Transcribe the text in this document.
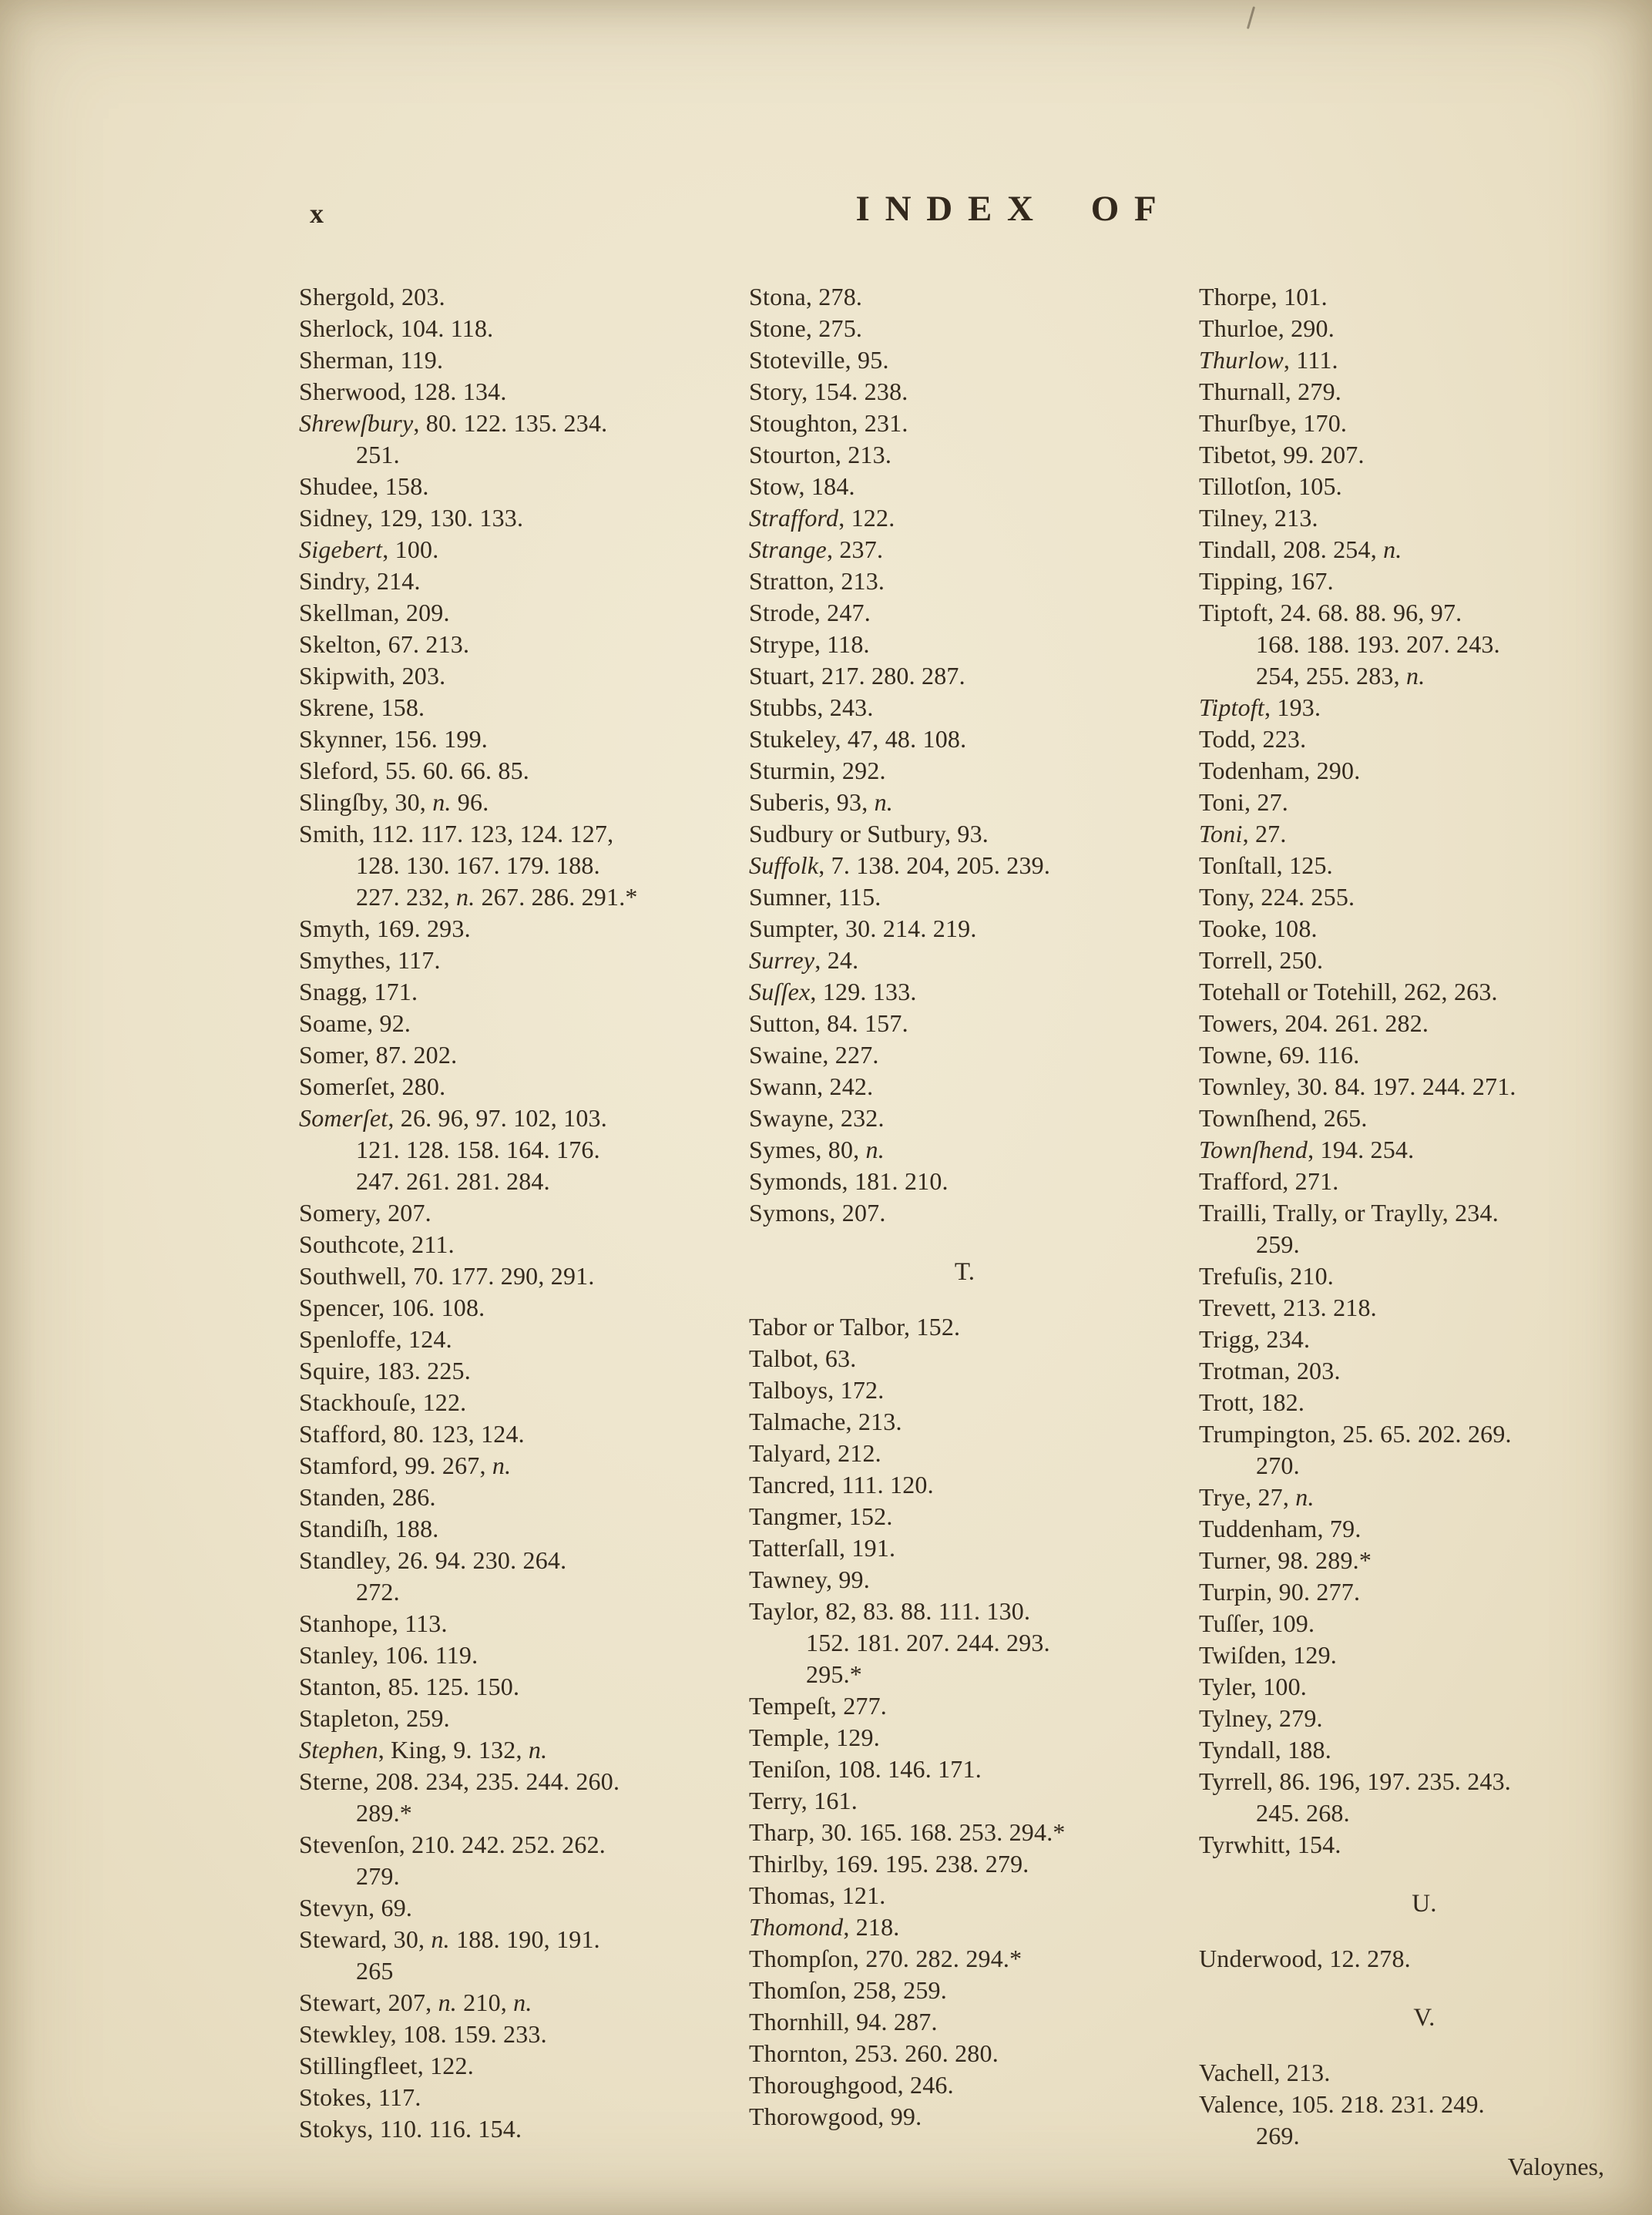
x	INDEX OF
Shergold, 203.
Sherlock, 104. 118.
Sherman, 119.
Sherwood, 128. 134.
Shrewſbury, 80. 122. 135. 234.
251.
Shudee, 158.
Sidney, 129, 130. 133.
Sigebert, 100.
Sindry, 214.
Skellman, 209.
Skelton, 67. 213.
Skipwith, 203.
Skrene, 158.
Skynner, 156. 199.
Sleford, 55. 60. 66. 85.
Slingſby, 30, n. 96.
Smith, 112. 117. 123, 124. 127,
128. 130. 167. 179. 188.
227. 232, n. 267. 286. 291.*
Smyth, 169. 293.
Smythes, 117.
Snagg, 171.
Soame, 92.
Somer, 87. 202.
Somerſet, 280.
Somerſet, 26. 96, 97. 102, 103.
121. 128. 158. 164. 176.
247. 261. 281. 284.
Somery, 207.
Southcote, 211.
Southwell, 70. 177. 290, 291.
Spencer, 106. 108.
Spenloffe, 124.
Squire, 183. 225.
Stackhouſe, 122.
Stafford, 80. 123, 124.
Stamford, 99. 267, n.
Standen, 286.
Standiſh, 188.
Standley, 26. 94. 230. 264.
272.
Stanhope, 113.
Stanley, 106. 119.
Stanton, 85. 125. 150.
Stapleton, 259.
Stephen, King, 9. 132, n.
Sterne, 208. 234, 235. 244. 260.
289.*
Stevenſon, 210. 242. 252. 262.
279.
Stevyn, 69.
Steward, 30, n. 188. 190, 191.
265
Stewart, 207, n. 210, n.
Stewkley, 108. 159. 233.
Stillingfleet, 122.
Stokes, 117.
Stokys, 110. 116. 154.
Stona, 278.
Stone, 275.
Stoteville, 95.
Story, 154. 238.
Stoughton, 231.
Stourton, 213.
Stow, 184.
Strafford, 122.
Strange, 237.
Stratton, 213.
Strode, 247.
Strype, 118.
Stuart, 217. 280. 287.
Stubbs, 243.
Stukeley, 47, 48. 108.
Sturmin, 292.
Suberis, 93, n.
Sudbury or Sutbury, 93.
Suffolk, 7. 138. 204, 205. 239.
Sumner, 115.
Sumpter, 30. 214. 219.
Surrey, 24.
Suſſex, 129. 133.
Sutton, 84. 157.
Swaine, 227.
Swann, 242.
Swayne, 232.
Symes, 80, n.
Symonds, 181. 210.
Symons, 207.
T.
Tabor or Talbor, 152.
Talbot, 63.
Talboys, 172.
Talmache, 213.
Talyard, 212.
Tancred, 111. 120.
Tangmer, 152.
Tatterſall, 191.
Tawney, 99.
Taylor, 82, 83. 88. 111. 130.
152. 181. 207. 244. 293.
295.*
Tempeſt, 277.
Temple, 129.
Teniſon, 108. 146. 171.
Terry, 161.
Tharp, 30. 165. 168. 253. 294.*
Thirlby, 169. 195. 238. 279.
Thomas, 121.
Thomond, 218.
Thompſon, 270. 282. 294.*
Thomſon, 258, 259.
Thornhill, 94. 287.
Thornton, 253. 260. 280.
Thoroughgood, 246.
Thorowgood, 99.
Thorpe, 101.
Thurloe, 290.
Thurlow, 111.
Thurnall, 279.
Thurſbye, 170.
Tibetot, 99. 207.
Tillotſon, 105.
Tilney, 213.
Tindall, 208. 254, n.
Tipping, 167.
Tiptoft, 24. 68. 88. 96, 97.
168. 188. 193. 207. 243.
254, 255. 283, n.
Tiptoft, 193.
Todd, 223.
Todenham, 290.
Toni, 27.
Toni, 27.
Tonſtall, 125.
Tony, 224. 255.
Tooke, 108.
Torrell, 250.
Totehall or Totehill, 262, 263.
Towers, 204. 261. 282.
Towne, 69. 116.
Townley, 30. 84. 197. 244. 271.
Townſhend, 265.
Townſhend, 194. 254.
Trafford, 271.
Trailli, Trally, or Traylly, 234.
259.
Trefuſis, 210.
Trevett, 213. 218.
Trigg, 234.
Trotman, 203.
Trott, 182.
Trumpington, 25. 65. 202. 269.
270.
Trye, 27, n.
Tuddenham, 79.
Turner, 98. 289.*
Turpin, 90. 277.
Tuſſer, 109.
Twiſden, 129.
Tyler, 100.
Tylney, 279.
Tyndall, 188.
Tyrrell, 86. 196, 197. 235. 243.
245. 268.
Tyrwhitt, 154.
U.
Underwood, 12. 278.
V.
Vachell, 213.
Valence, 105. 218. 231. 249.
269.
Valoynes,
